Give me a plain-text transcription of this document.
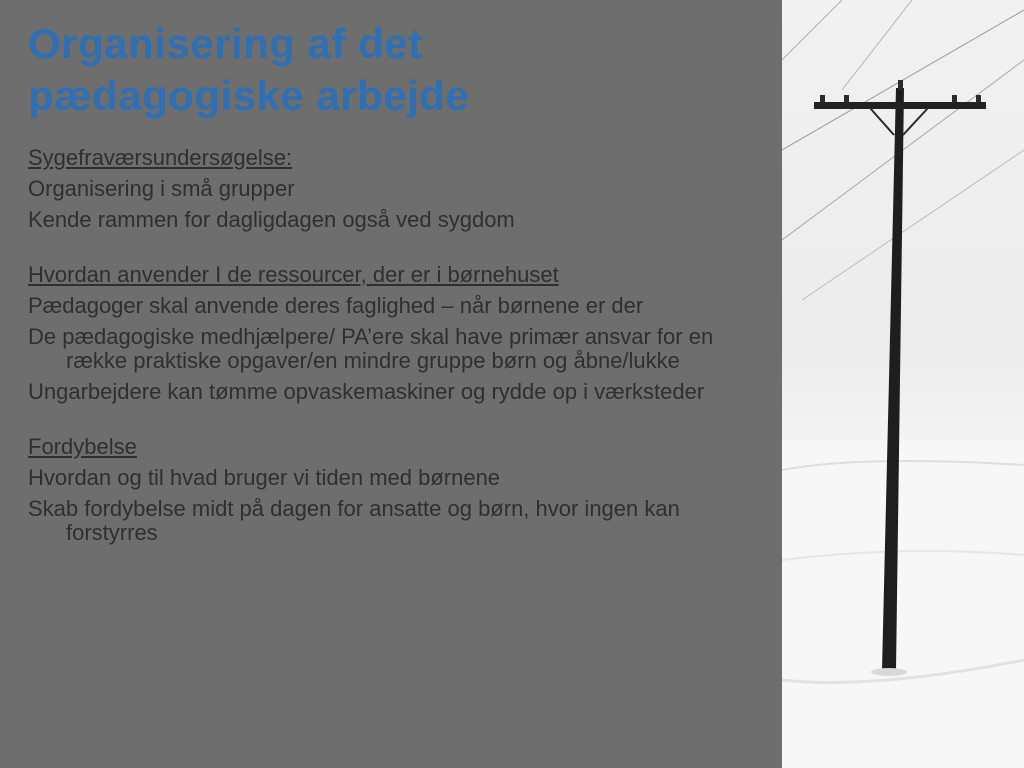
Organisering af det
pædagogiske arbejde

Sygefraværsundersøgelse:

Organisering i små grupper

Kende rammen for dagligdagen også ved sygdom

Hvordan anvender I de ressourcer, der er i børnehuset

Pædagoger skal anvende deres faglighed – når børnene er der

De pædagogiske medhjælpere/ PA’ere skal have primær ansvar for en række praktiske opgaver/en mindre gruppe børn og åbne/lukke

Ungarbejdere kan tømme opvaskemaskiner og rydde op i værksteder

Fordybelse

Hvordan og til hvad bruger vi tiden med børnene

Skab fordybelse midt på dagen for ansatte og børn, hvor ingen kan forstyrres
